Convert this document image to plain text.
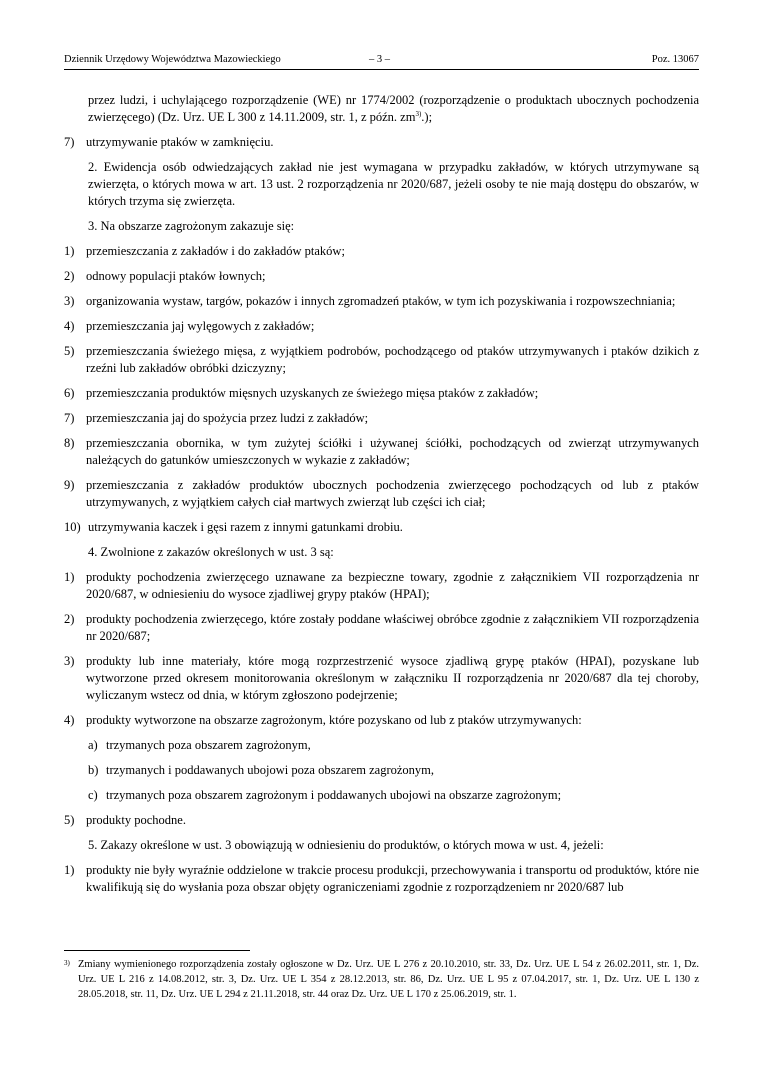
Dziennik Urzędowy Województwa Mazowieckiego	– 3 –	Poz. 13067

przez ludzi, i uchylającego rozporządzenie (WE) nr 1774/2002 (rozporządzenie o produktach ubocznych pochodzenia zwierzęcego) (Dz. Urz. UE L 300 z 14.11.2009, str. 1, z późn. zm$^{3)}$.);

7) utrzymywanie ptaków w zamknięciu.

2. Ewidencja osób odwiedzających zakład nie jest wymagana w przypadku zakładów, w których utrzymywane są zwierzęta, o których mowa w art. 13 ust. 2 rozporządzenia nr 2020/687, jeżeli osoby te nie mają dostępu do obszarów, w których trzyma się zwierzęta.

3. Na obszarze zagrożonym zakazuje się:

1) przemieszczania z zakładów i do zakładów ptaków;
2) odnowy populacji ptaków łownych;
3) organizowania wystaw, targów, pokazów i innych zgromadzeń ptaków, w tym ich pozyskiwania i rozpowszechniania;
4) przemieszczania jaj wylęgowych z zakładów;
5) przemieszczania świeżego mięsa, z wyjątkiem podrobów, pochodzącego od ptaków utrzymywanych i ptaków dzikich z rzeźni lub zakładów obróbki dziczyzny;
6) przemieszczania produktów mięsnych uzyskanych ze świeżego mięsa ptaków z zakładów;
7) przemieszczania jaj do spożycia przez ludzi z zakładów;
8) przemieszczania obornika, w tym zużytej ściółki i używanej ściółki, pochodzących od zwierząt utrzymywanych należących do gatunków umieszczonych w wykazie z zakładów;
9) przemieszczania z zakładów produktów ubocznych pochodzenia zwierzęcego pochodzących od lub z ptaków utrzymywanych, z wyjątkiem całych ciał martwych zwierząt lub części ich ciał;
10) utrzymywania kaczek i gęsi razem z innymi gatunkami drobiu.

4. Zwolnione z zakazów określonych w ust. 3 są:

1) produkty pochodzenia zwierzęcego uznawane za bezpieczne towary, zgodnie z załącznikiem VII rozporządzenia nr 2020/687, w odniesieniu do wysoce zjadliwej grypy ptaków (HPAI);
2) produkty pochodzenia zwierzęcego, które zostały poddane właściwej obróbce zgodnie z załącznikiem VII rozporządzenia nr 2020/687;
3) produkty lub inne materiały, które mogą rozprzestrzenić wysoce zjadliwą grypę ptaków (HPAI), pozyskane lub wytworzone przed okresem monitorowania określonym w załączniku II rozporządzenia nr 2020/687 dla tej choroby, wyliczanym wstecz od dnia, w którym zgłoszono podejrzenie;
4) produkty wytworzone na obszarze zagrożonym, które pozyskano od lub z ptaków utrzymywanych:
a) trzymanych poza obszarem zagrożonym,
b) trzymanych i poddawanych ubojowi poza obszarem zagrożonym,
c) trzymanych poza obszarem zagrożonym i poddawanych ubojowi na obszarze zagrożonym;
5) produkty pochodne.

5. Zakazy określone w ust. 3 obowiązują w odniesieniu do produktów, o których mowa w ust. 4, jeżeli:

1) produkty nie były wyraźnie oddzielone w trakcie procesu produkcji, przechowywania i transportu od produktów, które nie kwalifikują się do wysłania poza obszar objęty ograniczeniami zgodnie z rozporządzeniem nr 2020/687 lub
3) Zmiany wymienionego rozporządzenia zostały ogłoszone w Dz. Urz. UE L 276 z 20.10.2010, str. 33, Dz. Urz. UE L 54 z 26.02.2011, str. 1, Dz. Urz. UE L 216 z 14.08.2012, str. 3, Dz. Urz. UE L 354 z 28.12.2013, str. 86, Dz. Urz. UE L 95 z 07.04.2017, str. 1, Dz. Urz. UE L 130 z 28.05.2018, str. 11, Dz. Urz. UE L 294 z 21.11.2018, str. 44 oraz Dz. Urz. UE L 170 z 25.06.2019, str. 1.
